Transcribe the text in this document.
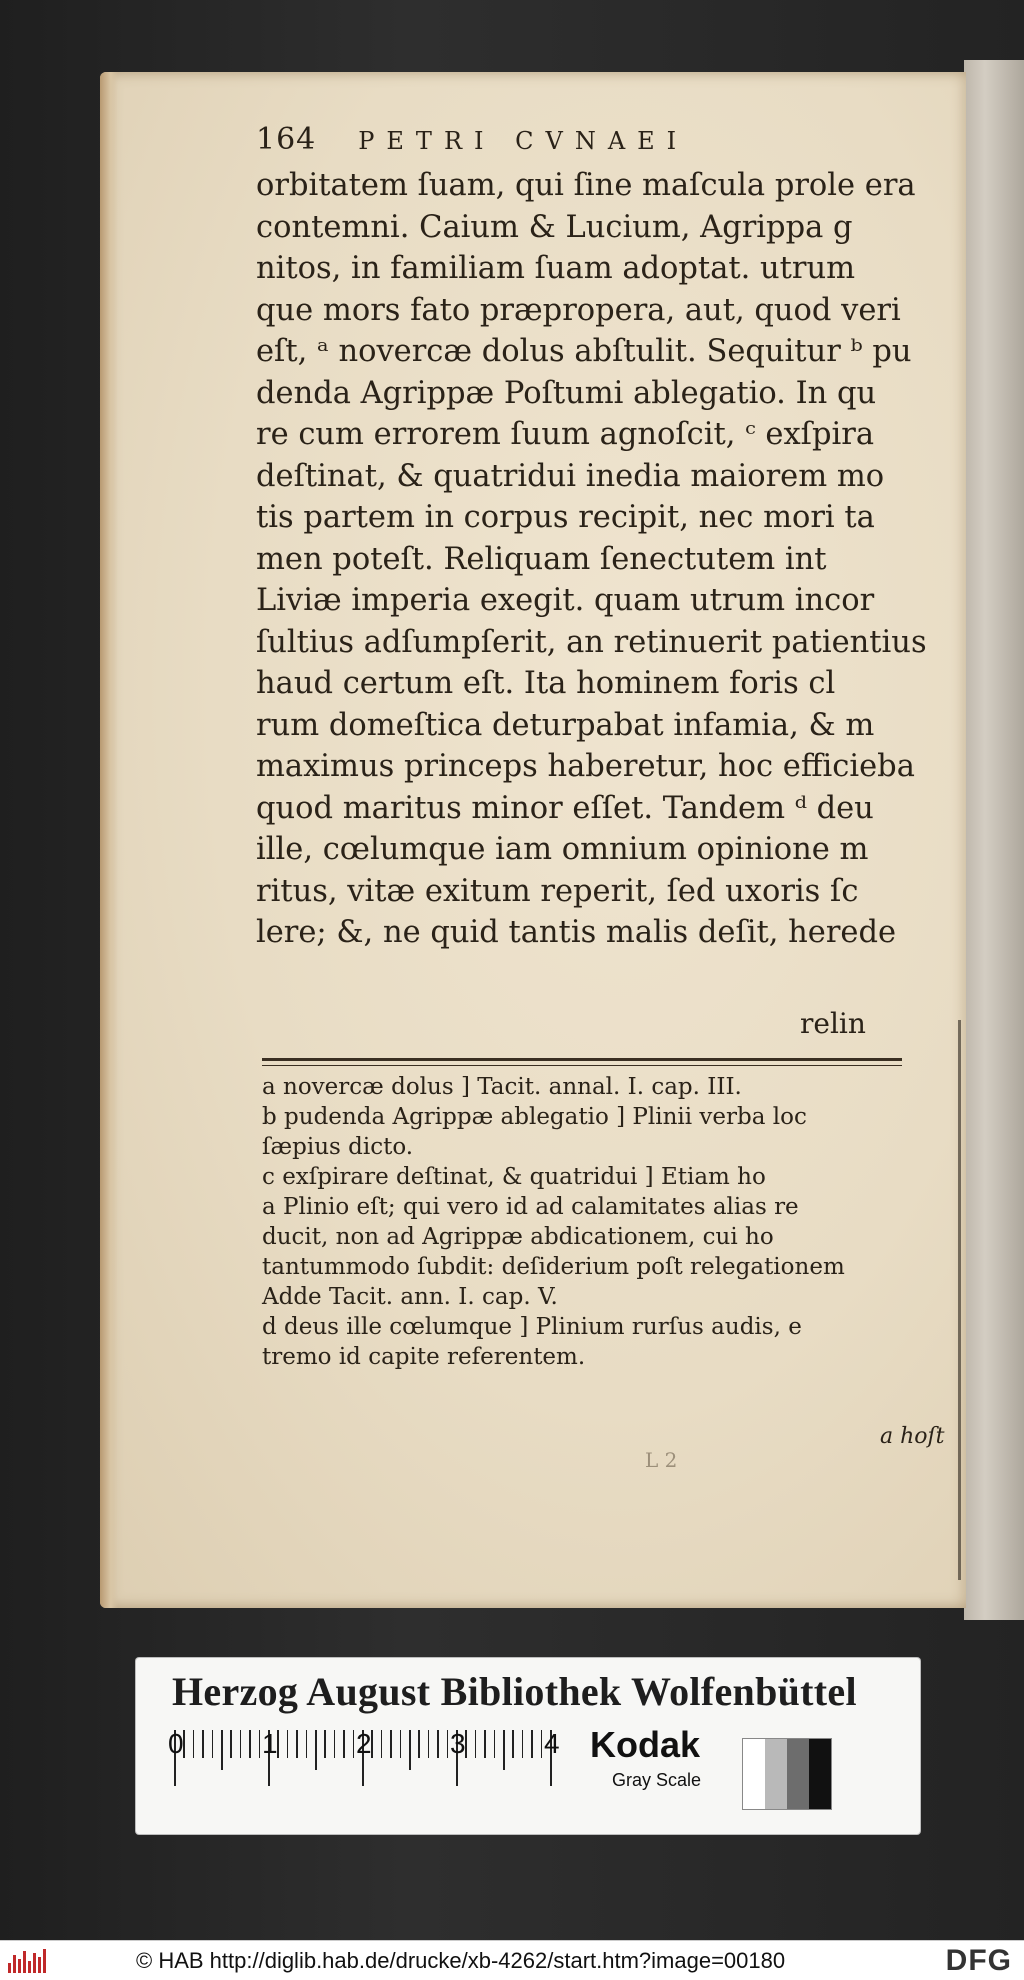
164 PETRI CVNAEI
orbitatem ſuam, qui ſine maſcula prole era
contemni. Caium & Lucium, Agrippa g
nitos, in familiam ſuam adoptat. utrum
que mors fato præpropera, aut, quod veri
eſt, ᵃ novercæ dolus abſtulit. Sequitur ᵇ pu
denda Agrippæ Poſtumi ablegatio. In qu
re cum errorem ſuum agnoſcit, ᶜ exſpira
deſtinat, & quatridui inedia maiorem mo
tis partem in corpus recipit, nec mori ta
men poteſt. Reliquam ſenectutem int
Liviæ imperia exegit. quam utrum incor
ſultius adſumpſerit, an retinuerit patientius
haud certum eſt. Ita hominem foris cl
rum domeſtica deturpabat infamia, & m
maximus princeps haberetur, hoc efficieba
quod maritus minor eſſet. Tandem ᵈ deu
ille, cœlumque iam omnium opinione m
ritus, vitæ exitum reperit, ſed uxoris ſc
lere; &, ne quid tantis malis deſit, herede
relin
a novercæ dolus ] Tacit. annal. I. cap. III.
b pudenda Agrippæ ablegatio ] Plinii verba loc
ſæpius dicto.
c exſpirare deſtinat, & quatridui ] Etiam ho
a Plinio eſt; qui vero id ad calamitates alias re
ducit, non ad Agrippæ abdicationem, cui ho
tantummodo ſubdit: deſiderium poſt relegationem
Adde Tacit. ann. I. cap. V.
d deus ille cœlumque ] Plinium rurſus audis, e
tremo id capite referentem.
a hoſt
L 2
Herzog August Bibliothek Wolfenbüttel
0	1	2	3	4 Kodak
Gray Scale
© HAB http://diglib.hab.de/drucke/xb-4262/start.htm?image=00180	DFG
